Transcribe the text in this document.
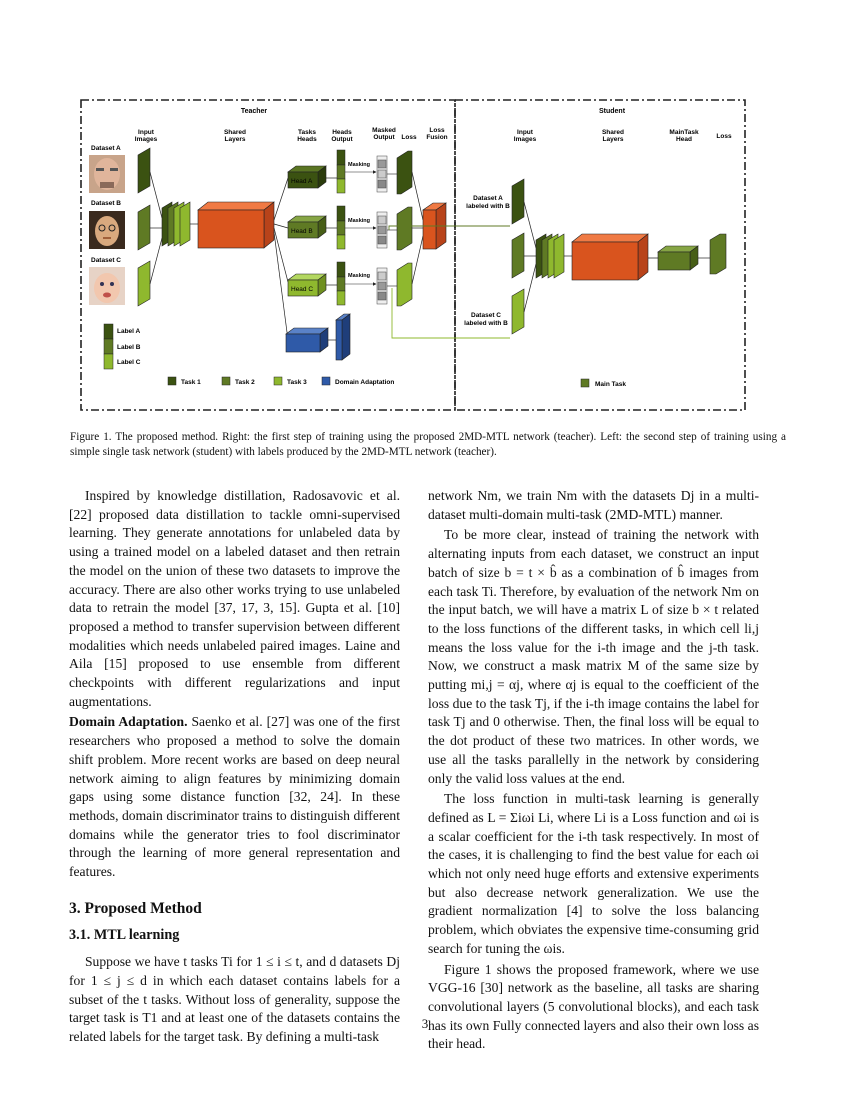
Teacher	Student
Input
Images
Shared
Layers
Tasks
Heads
Heads
Output
Masked
Output Loss
Loss
Fusion
Input
Images
Shared
Layers
MainTask
Head	Loss
Dataset A
Dataset B
Dataset C
Head A
Head B
Head C
Masking
Masking
Masking
Dataset A
labeled with B
Dataset C
labeled with B
Label A
Label B
Label C
Task 1	Task 2	Task 3	Domain Adaptation	Main Task
Figure 1. The proposed method. Right: the first step of training using the proposed 2MD-MTL network (teacher). Left: the second step of training using a simple single task network (student) with labels produced by the 2MD-MTL network (teacher).

Inspired by knowledge distillation, Radosavovic et al. [22] proposed data distillation to tackle omni-supervised learning. They generate annotations for unlabeled data by using a trained model on a labeled dataset and then retrain the model on the union of these two datasets to improve the accuracy. There are also other works trying to use unlabeled data to retrain the model [37, 17, 3, 15]. Gupta et al. [10] proposed a method to transfer supervision between different modalities which needs unlabeled paired images. Laine and Aila [15] proposed to use ensemble from different checkpoints with different regularizations and input augmentations.

Domain Adaptation. Saenko et al. [27] was one of the first researchers who proposed a method to solve the domain shift problem. More recent works are based on deep neural network aiming to align features by minimizing domain gaps using some distance function [32, 24]. In these methods, domain discriminator trains to distinguish different domains while the generator tries to fool discriminator through the learning of more general representation and features.

3. Proposed Method
3.1. MTL learning

Suppose we have t tasks Ti for 1 ≤ i ≤ t, and d datasets Dj for 1 ≤ j ≤ d in which each dataset contains labels for a subset of the t tasks. Without loss of generality, suppose the target task is T1 and at least one of the datasets contains the related labels for the target task. By defining a multi-task

network Nm, we train Nm with the datasets Dj in a multi-dataset multi-domain multi-task (2MD-MTL) manner.

To be more clear, instead of training the network with alternating inputs from each dataset, we construct an input batch of size b = t × b̂ as a combination of b̂ images from each task Ti. Therefore, by evaluation of the network Nm on the input batch, we will have a matrix L of size b × t related to the loss functions of the different tasks, in which cell li,j means the loss value for the i-th image and the j-th task. Now, we construct a mask matrix M of the same size by putting mi,j = αj, where αj is equal to the coefficient of the loss due to the task Tj, if the i-th image contains the label for task Tj and 0 otherwise. Then, the final loss will be equal to the dot product of these two matrices. In other words, we use all the tasks parallelly in the network by considering only the valid loss values at the end.

The loss function in multi-task learning is generally defined as L = Σiωi Li, where Li is a Loss function and ωi is a scalar coefficient for the i-th task respectively. In most of the cases, it is challenging to find the best value for each ωi which not only need huge efforts and extensive experiments but also decrease network generalization. We use the gradient normalization [4] to solve the loss balancing problem, which obviates the expensive time-consuming grid search for tuning the ωis.

Figure 1 shows the proposed framework, where we use VGG-16 [30] network as the baseline, all tasks are sharing convolutional layers (5 convolutional blocks), and each task has its own Fully connected layers and also their own loss as their head.

3
